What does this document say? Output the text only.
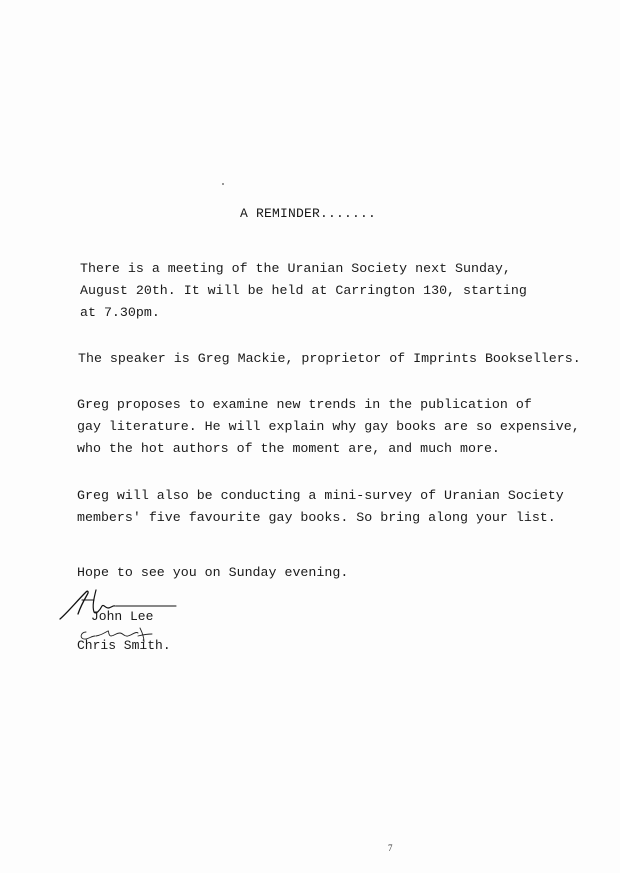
A REMINDER.......
There is a meeting of the Uranian Society next Sunday,
August 20th. It will be held at Carrington 130, starting
at 7.30pm.
The speaker is Greg Mackie, proprietor of Imprints Booksellers.
Greg proposes to examine new trends in the publication of
gay literature. He will explain why gay books are so expensive,
who the hot authors of the moment are, and much more.
Greg will also be conducting a mini-survey of Uranian Society
members' five favourite gay books. So bring along your list.
Hope to see you on Sunday evening.
John Lee
Chris Smith.
7
